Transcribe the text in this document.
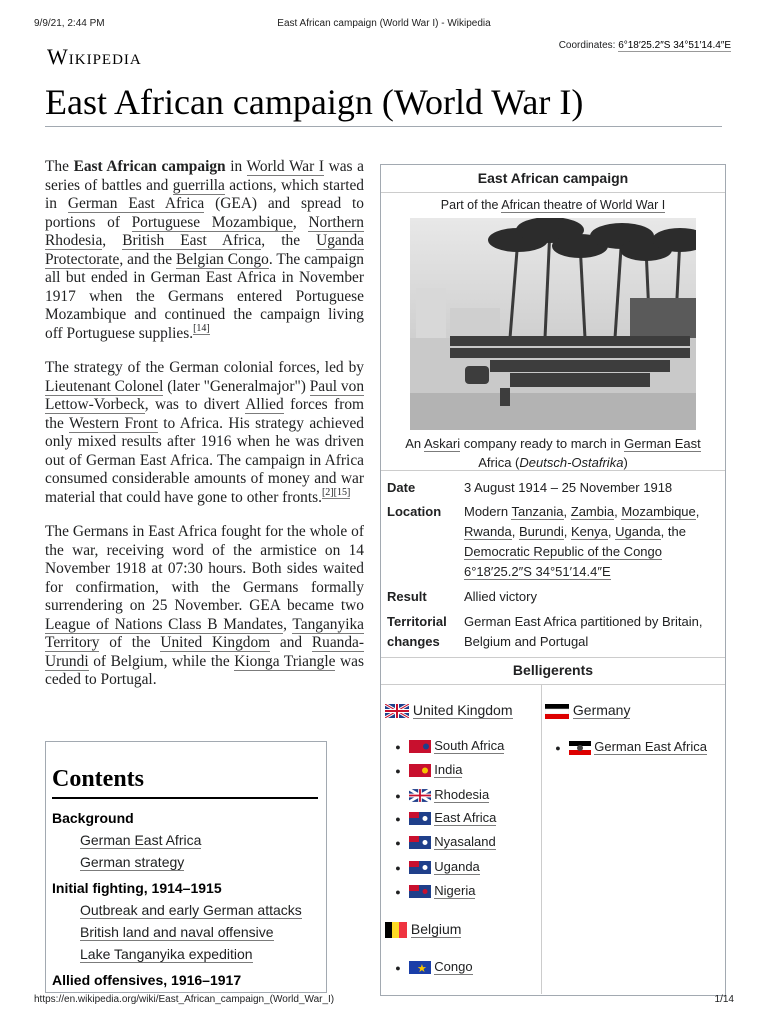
9/9/21, 2:44 PM	East African campaign (World War I) - Wikipedia
Wikipedia	Coordinates: 6°18′25.2″S 34°51′14.4″E
East African campaign (World War I)

The East African campaign in World War I was a series of battles and guerrilla actions, which started in German East Africa (GEA) and spread to portions of Portuguese Mozambique, Northern Rhodesia, British East Africa, the Uganda Protectorate, and the Belgian Congo. The campaign all but ended in German East Africa in November 1917 when the Germans entered Portuguese Mozambique and continued the campaign living off Portuguese supplies.[14]

The strategy of the German colonial forces, led by Lieutenant Colonel (later "Generalmajor") Paul von Lettow-Vorbeck, was to divert Allied forces from the Western Front to Africa. His strategy achieved only mixed results after 1916 when he was driven out of German East Africa. The campaign in Africa consumed considerable amounts of money and war material that could have gone to other fronts.[2][15]

The Germans in East Africa fought for the whole of the war, receiving word of the armistice on 14 November 1918 at 07:30 hours. Both sides waited for confirmation, with the Germans formally surrendering on 25 November. GEA became two League of Nations Class B Mandates, Tanganyika Territory of the United Kingdom and Ruanda-Urundi of Belgium, while the Kionga Triangle was ceded to Portugal.

Contents
Background
German East Africa
German strategy
Initial fighting, 1914–1915
Outbreak and early German attacks
British land and naval offensive
Lake Tanganyika expedition
Allied offensives, 1916–1917
East African campaign
Part of the African theatre of World War I
An Askari company ready to march in German East Africa (Deutsch-Ostafrika)
Date	3 August 1914 – 25 November 1918
Location	Modern Tanzania, Zambia, Mozambique, Rwanda, Burundi, Kenya, Uganda, the Democratic Republic of the Congo
6°18′25.2″S 34°51′14.4″E
Result	Allied victory
Territorial changes
German East Africa partitioned by Britain, Belgium and Portugal
Belligerents
United Kingdom
●	South Africa
●	India
●	Rhodesia
●	East Africa
●	Nyasaland
●	Uganda
●	Nigeria
Belgium
● ★ Congo
Germany
●	German East Africa
https://en.wikipedia.org/wiki/East_African_campaign_(World_War_I)	1/14
